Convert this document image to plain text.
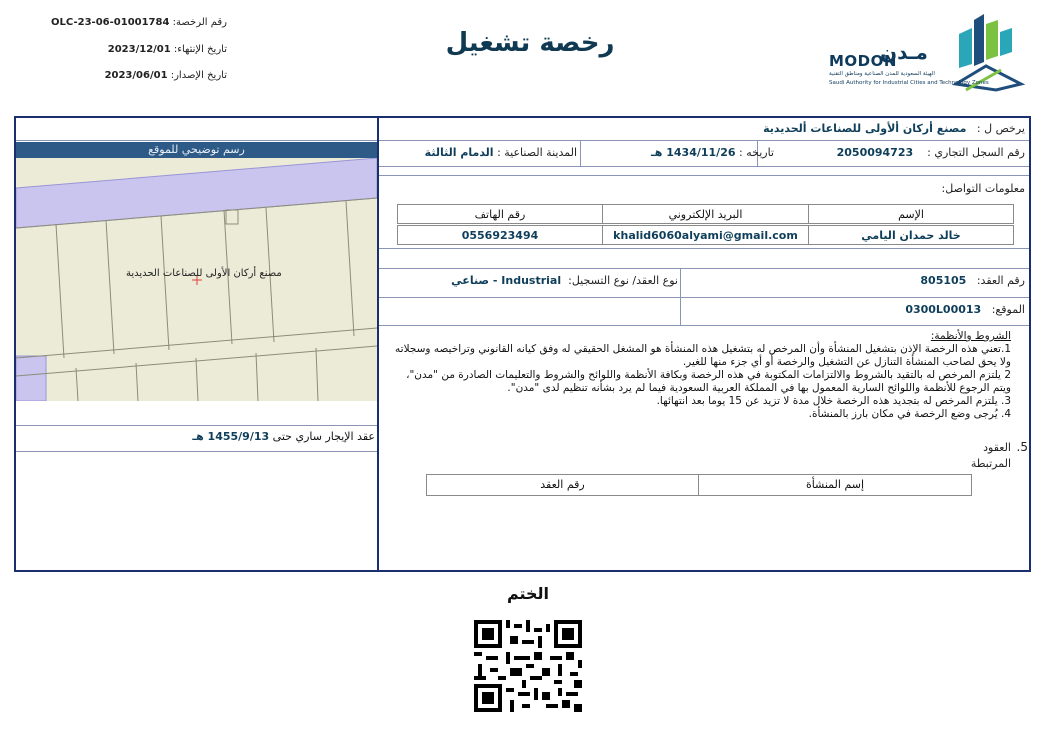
رقم الرخصة: OLC-23-06-01001784
تاريخ الإنتهاء: 2023/12/01
تاريخ الإصدار: 2023/06/01
رخصة تشغيل	مـدن
MODON
الهيئة السعودية للمدن الصناعية ومناطق التقنية
Saudi Authority for Industrial Cities and Technology Zones
يرخص ل :   مصنع أركان ألأولى للصناعات ألحديدية
رقم السجل التجاري :    2050094723
تاريخه : 1434/11/26 هـ
المدينة الصناعية : الدمام الثالثة
معلومات التواصل:
الإسم
البريد الإلكتروني
رقم الهاتف
خالد حمدان اليامي
khalid6060alyami@gmail.com
0556923494
رقم العقد:   805105
نوع العقد/ نوع التسجيل:  Industrial - صناعي
الموقع:   0300L00013
الشروط والأنظمة:
1.تعني هذه الرخصة الإذن بتشغيل المنشأة وأن المرخص له بتشغيل هذه المنشأة هو المشغل الحقيقي له وفق كيانه القانوني وتراخيصه وسجلاته ولا يحق لصاحب المنشأة التنازل عن التشغيل والرخصة أو أي جزء منها للغير.
2 يلتزم المرخص له بالتقيد بالشروط والالتزامات المكتوبة في هذه الرخصة وبكافة الأنظمة واللوائح والشروط والتعليمات الصادرة من "مدن"، ويتم الرجوع للأنظمة واللوائح السارية المعمول بها في المملكة العربية السعودية فيما لم يرد بشأنه تنظيم لدى "مدن".
3. يلتزم المرخص له بتجديد هذه الرخصة خلال مدة لا تزيد عن 15 يوما بعد انتهائها.
4. يُرجى وضع الرخصة في مكان بارز بالمنشأة.
5.
العقود المرتبطة
إسم المنشأة
رقم العقد
رسم توضيحي للموقع
مصنع أركان الأولى للصناعات الحديدية
عقد الإيجار ساري حتى 1455/9/13 هـ
الختم
